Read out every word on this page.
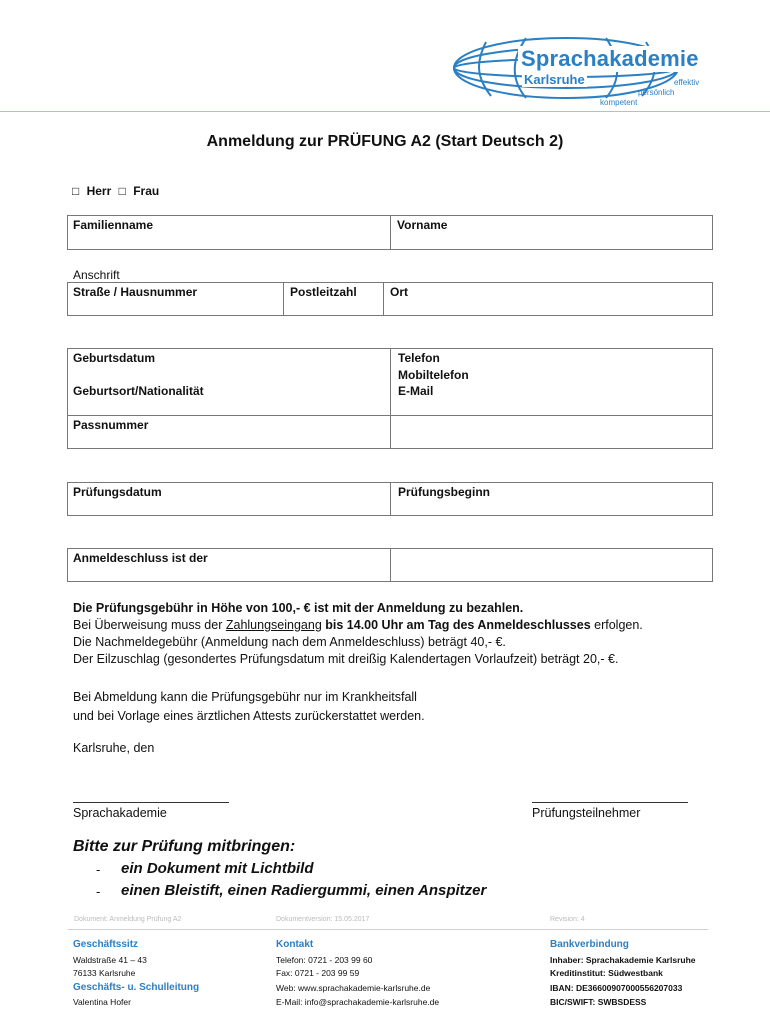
Sprachakademie
Karlsruhe	effektiv
persönlich
kompetent
Anmeldung zur PRÜFUNG A2 (Start Deutsch 2)
□ Herr □ Frau
Familienname	Vorname
Anschrift
Straße / Hausnummer	Postleitzahl	Ort
Geburtsdatum	Telefon
Mobiltelefon
Geburtsort/Nationalität	E-Mail
Passnummer
Prüfungsdatum	Prüfungsbeginn
Anmeldeschluss ist der

Die Prüfungsgebühr in Höhe von 100,- € ist mit der Anmeldung zu bezahlen.

Bei Überweisung muss der Zahlungseingang bis 14.00 Uhr am Tag des Anmeldeschlusses erfolgen.

Die Nachmeldegebühr (Anmeldung nach dem Anmeldeschluss) beträgt 40,- €.

Der Eilzuschlag (gesondertes Prüfungsdatum mit dreißig Kalendertagen Vorlaufzeit) beträgt 20,- €.

Bei Abmeldung kann die Prüfungsgebühr nur im Krankheitsfall

und bei Vorlage eines ärztlichen Attests zurückerstattet werden.

Karlsruhe, den
Sprachakademie	Prüfungsteilnehmer
Bitte zur Prüfung mitbringen:
- ein Dokument mit Lichtbild
- einen Bleistift, einen Radiergummi, einen Anspitzer
Dokument: Anmeldung Prüfung A2	Dokumentversion: 15.05.2017	Revision: 4
Geschäftssitz
Waldstraße 41 – 43
76133 Karlsruhe
Geschäfts- u. Schulleitung
Valentina Hofer
Kontakt
Telefon: 0721 - 203 99 60
Fax: 0721 - 203 99 59
Web: www.sprachakademie-karlsruhe.de
E-Mail: info@sprachakademie-karlsruhe.de
Bankverbindung
Inhaber: Sprachakademie Karlsruhe
Kreditinstitut: Südwestbank
IBAN: DE36600907000556207033
BIC/SWIFT: SWBSDESS
